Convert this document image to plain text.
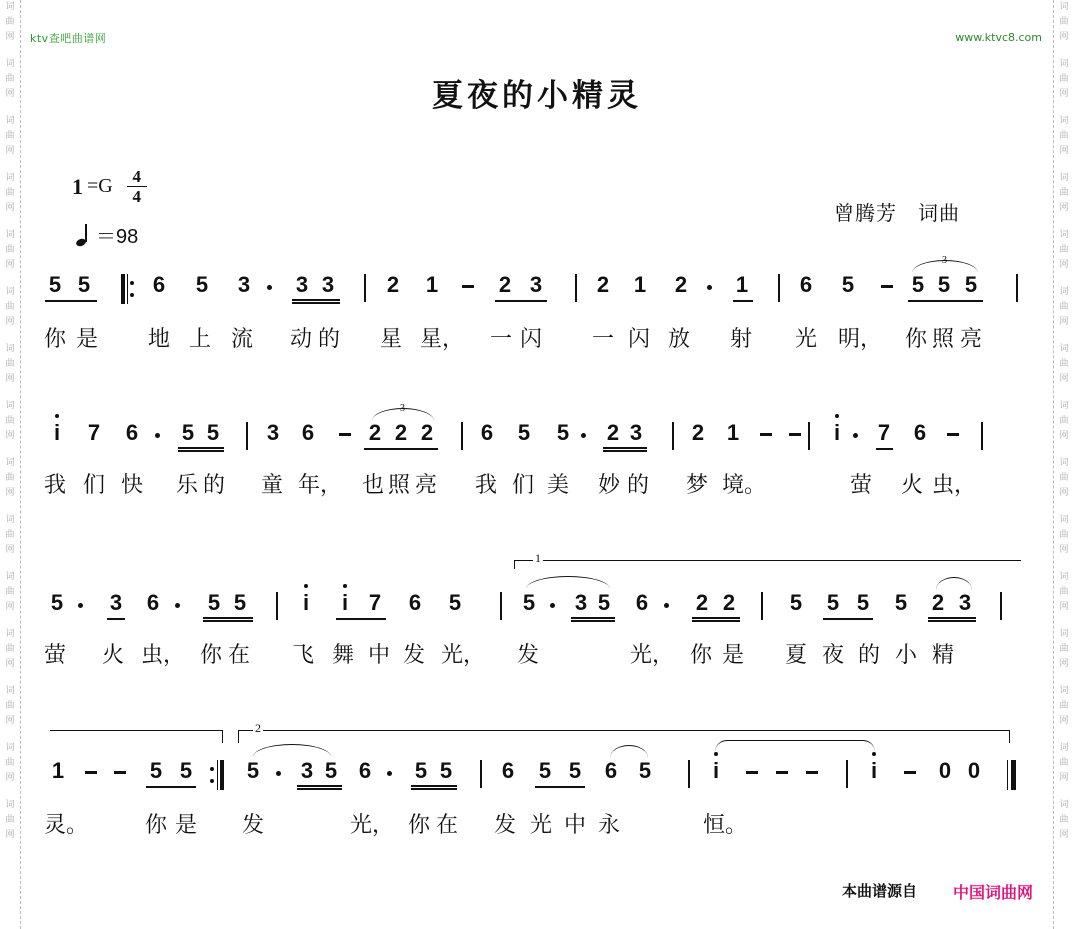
词
曲
网
词
曲
网
词
曲
网
词
曲
网
词
曲
网
词
曲
网
词
曲
网
词
曲
网
词
曲
网
词
曲
网
词
曲
网
词
曲
网
词
曲
网
词
曲
网
词
曲
网
词
曲
网
词
曲
网
词
曲
网
词
曲
网
词
曲
网
词
曲
网
词
曲
网
词
曲
网
词
曲
网
词
曲
网
词
曲
网
词
曲
网
词
曲
网
词
曲
网
词
曲
网
ktv查吧曲谱网	www.ktvc8.com
夏夜的小精灵
1 =G 4
4
＝98
曾腾芳　词曲
5 5	6 5 3 3 3 2 1	2 3 2 1 2 1 6 5	5 5 5
3
你 是 地 上 流 动 的 星 星， 一 闪 一 闪 放 射 光 明， 你 照 亮
i 7 6 5 5 3 6 2 2 2
3
6 5 5 2 3 2 1	i 7 6
我 们 快 乐 的 童 年， 也 照 亮 我 们 美 妙 的 梦 境。	萤 火 虫，
1
5 3 6 5 5	i i 7 6 5	5 3 5 6 2 2 5 5 5 5 2 3
萤 火 虫， 你 在 飞 舞 中 发 光， 发	光， 你 是 夏 夜 的 小 精
2
1	5 5 5 3 5 6 5 5 6 5 5 6 5	i	i	0 0
灵。	你 是 发	光， 你 在 发 光 中 永	恒。
本曲谱源自 中国词曲网
